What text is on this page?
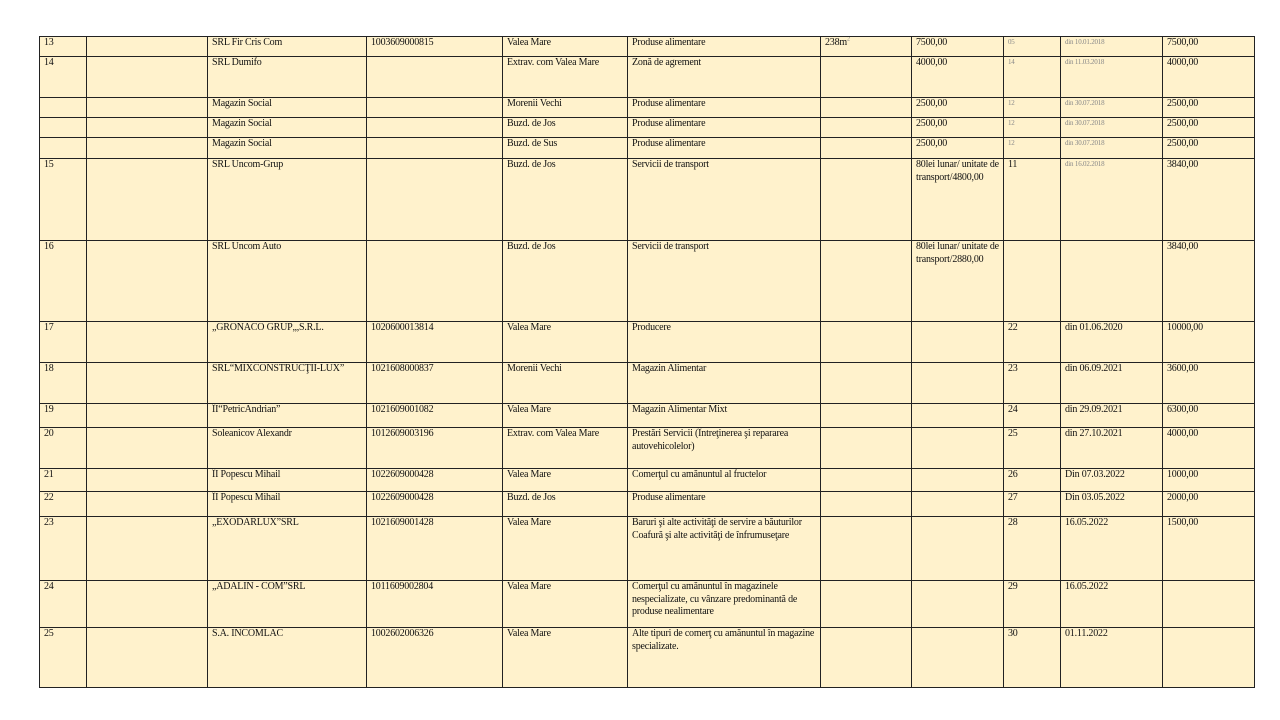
13		SRL Fir Cris Com	1003609000815	Valea Mare	Produse alimentare	$238m^2$	7500,00	05	din 10.01.2018	7500,00
14		SRL Dumifo		Extrav. com Valea Mare	Zonă de agrement		4000,00	14	din 11.03.2018	4000,00
		Magazin Social		Morenii Vechi	Produse alimentare		2500,00	12	din 30.07.2018	2500,00
		Magazin Social		Buzd. de Jos	Produse alimentare		2500,00	12	din 30.07.2018	2500,00
		Magazin Social		Buzd. de Sus	Produse alimentare		2500,00	12	din 30.07.2018	2500,00
15		SRL Uncom-Grup		Buzd. de Jos	Servicii de transport		80lei lunar/ unitate de transport/4800,00	11	din 16.02.2018	3840,00
16		SRL Uncom Auto		Buzd. de Jos	Servicii de transport		80lei lunar/ unitate de transport/2880,00			3840,00
17		„GRONACO GRUP„,S.R.L.	1020600013814	Valea Mare	Producere			22	din 01.06.2020	10000,00
18		SRL“MIXCONSTRUCŢII-LUX”	1021608000837	Morenii Vechi	Magazin Alimentar			23	din 06.09.2021	3600,00
19		ÎI“PetricAndrian”	1021609001082	Valea Mare	Magazin Alimentar Mixt			24	din 29.09.2021	6300,00
20		Soleanicov Alexandr	1012609003196	Extrav. com Valea Mare	Prestări Servicii (Întreţinerea şi repararea autovehicolelor)			25	din 27.10.2021	4000,00
21		ÎI Popescu Mihail	1022609000428	Valea Mare	Comerţul cu amănuntul al fructelor			26	Din 07.03.2022	1000,00
22		ÎI Popescu Mihail	1022609000428	Buzd. de Jos	Produse alimentare			27	Din 03.05.2022	2000,00
23		„EXODARLUX”SRL	1021609001428	Valea Mare	Baruri şi alte activităţi de servire a băuturilor Coafură şi alte activităţi de înfrumuseţare			28	16.05.2022	1500,00
24		„ADALIN - COM”SRL	1011609002804	Valea Mare	Comerţul cu amănuntul în magazinele nespecializate, cu vânzare predominantă de produse nealimentare			29	16.05.2022	
25		S.A. INCOMLAC	1002602006326	Valea Mare	Alte tipuri de comerţ cu amănuntul în magazine specializate.			30	01.11.2022	
